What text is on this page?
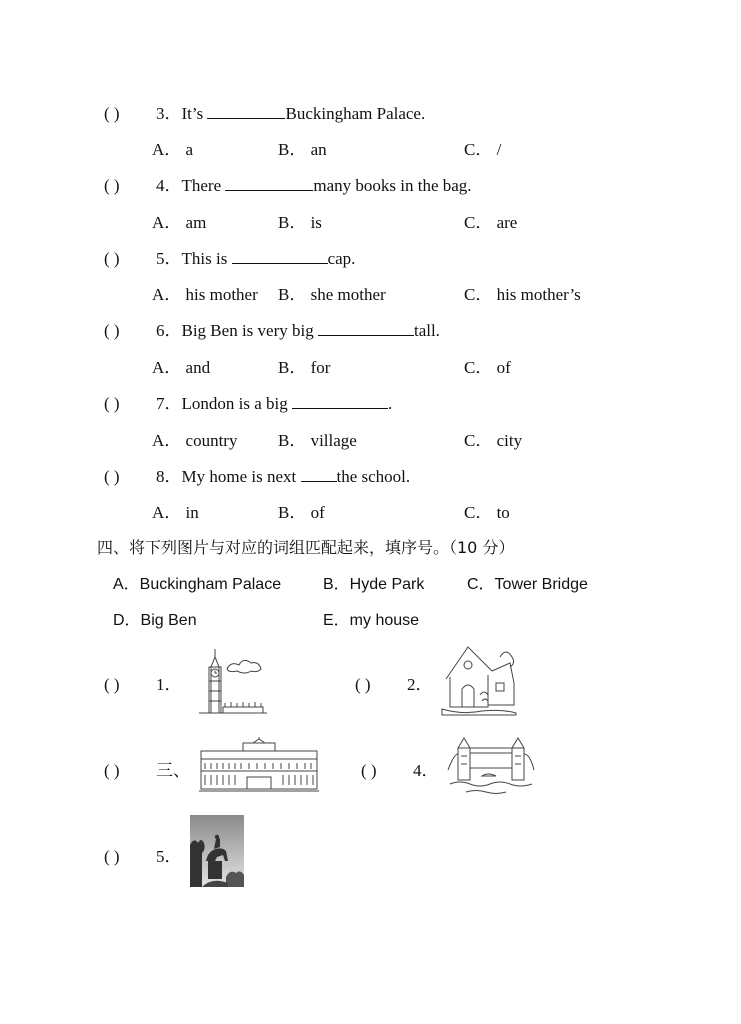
( ) 3．It’s	Buckingham Palace.
A． a	B． an	C． /
( ) 4．There	many books in the bag.
A． am	B． is	C． are
( ) 5．This is	cap.
A． his mother B． she mother	C． his mother’s
( ) 6．Big Ben is very big	tall.
A． and	B． for	C． of
( ) 7．London is a big	.
A． country B． village	C． city
( ) 8．My home is next the school.
A． in	B． of	C． to
四、将下列图片与对应的词组匹配起来，填序号。（10 分）
A．Buckingham Palace	B．Hyde Park	C．Tower Bridge
D．Big Ben	E．my house
( ) 1．	( ) 2．
( ) 三、	( ) 4．
( ) 5．
